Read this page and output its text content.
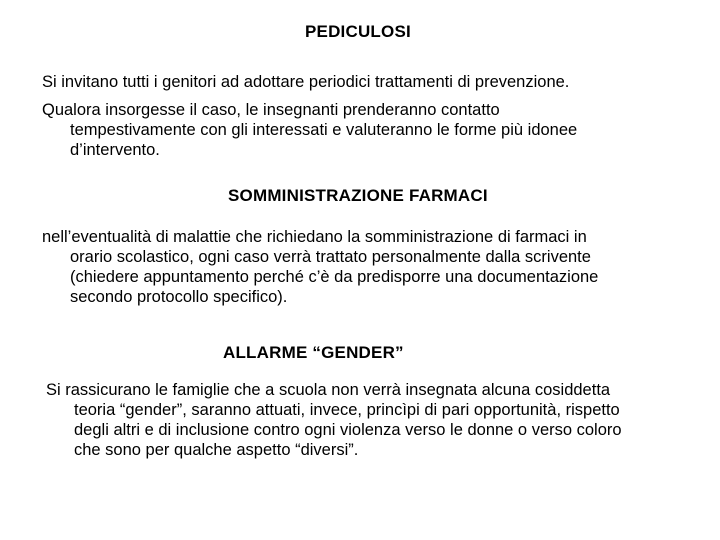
PEDICULOSI

Si invitano tutti i genitori ad adottare periodici trattamenti di prevenzione.

Qualora insorgesse il caso, le insegnanti prenderanno contatto
tempestivamente con gli interessati e valuteranno le forme più idonee
d’intervento.

SOMMINISTRAZIONE FARMACI

nell’eventualità di malattie che richiedano la somministrazione di farmaci in
orario scolastico, ogni caso verrà trattato personalmente dalla scrivente
(chiedere appuntamento perché c’è da predisporre una documentazione
secondo protocollo specifico).

ALLARME “GENDER”

Si rassicurano le famiglie che a scuola non verrà insegnata alcuna cosiddetta
teoria “gender”, saranno attuati, invece, princìpi di pari opportunità, rispetto
degli altri e di inclusione contro ogni violenza verso le donne o verso coloro
che sono per qualche aspetto “diversi”.
